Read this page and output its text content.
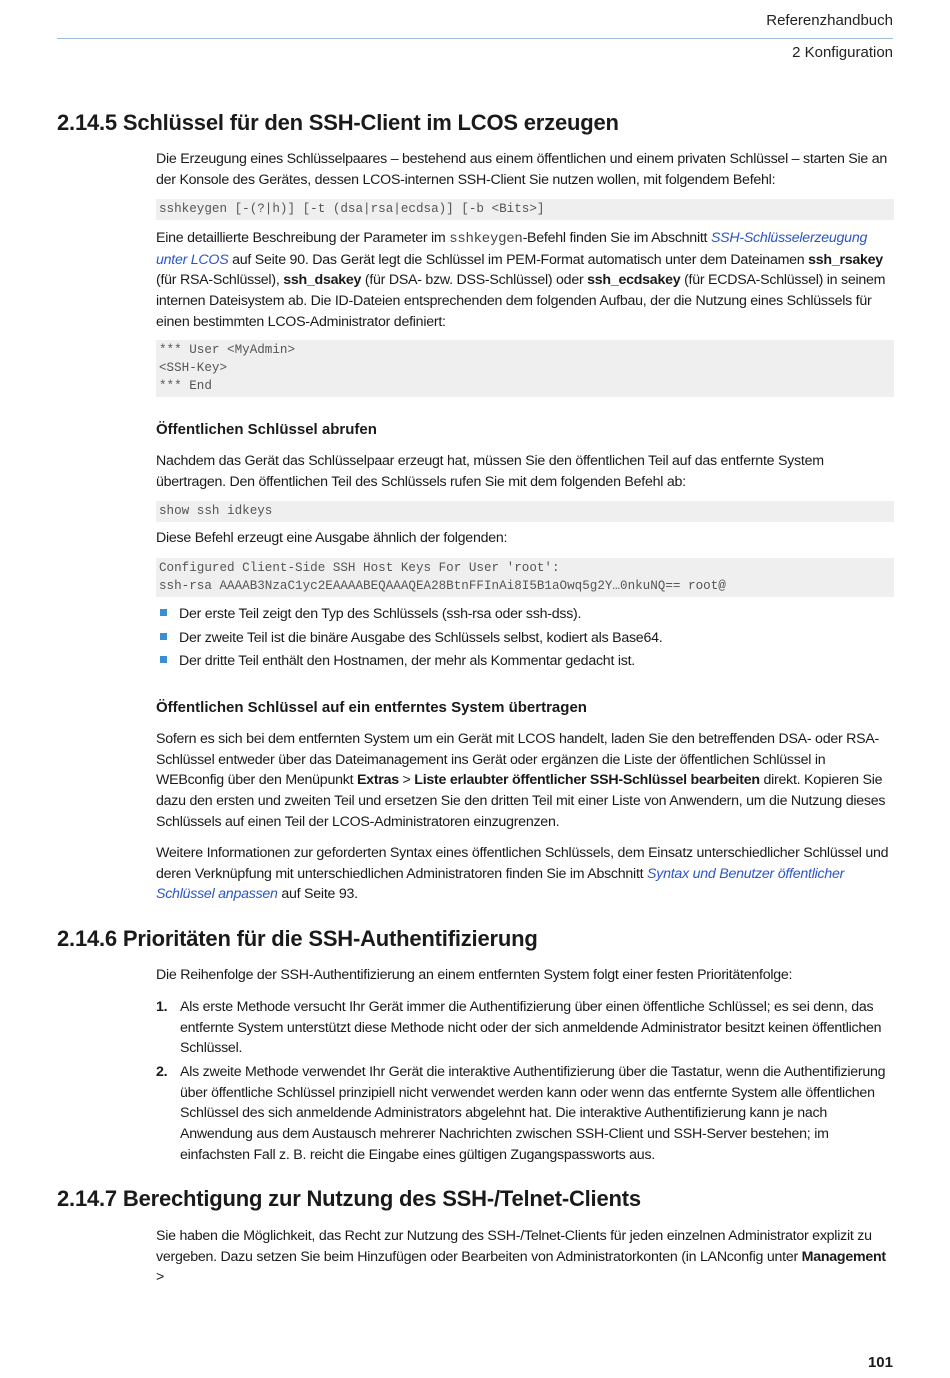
Referenzhandbuch
2 Konfiguration
2.14.5 Schlüssel für den SSH-Client im LCOS erzeugen

Die Erzeugung eines Schlüsselpaares – bestehend aus einem öffentlichen und einem privaten Schlüssel – starten Sie an der Konsole des Gerätes, dessen LCOS-internen SSH-Client Sie nutzen wollen, mit folgendem Befehl:

sshkeygen [-(?|h)] [-t (dsa|rsa|ecdsa)] [-b <Bits>]

Eine detaillierte Beschreibung der Parameter im sshkeygen-Befehl finden Sie im Abschnitt SSH-Schlüsselerzeugung unter LCOS auf Seite 90. Das Gerät legt die Schlüssel im PEM-Format automatisch unter dem Dateinamen ssh_rsakey (für RSA-Schlüssel), ssh_dsakey (für DSA- bzw. DSS-Schlüssel) oder ssh_ecdsakey (für ECDSA-Schlüssel) in seinem internen Dateisystem ab. Die ID-Dateien entsprechenden dem folgenden Aufbau, der die Nutzung eines Schlüssels für einen bestimmten LCOS-Administrator definiert:

*** User <MyAdmin>
<SSH-Key>
*** End
Öffentlichen Schlüssel abrufen

Nachdem das Gerät das Schlüsselpaar erzeugt hat, müssen Sie den öffentlichen Teil auf das entfernte System übertragen. Den öffentlichen Teil des Schlüssels rufen Sie mit dem folgenden Befehl ab:

show ssh idkeys

Diese Befehl erzeugt eine Ausgabe ähnlich der folgenden:

Configured Client-Side SSH Host Keys For User 'root':
ssh-rsa AAAAB3NzaC1yc2EAAAABEQAAAQEA28BtnFFInAi8I5B1aOwq5g2Y…0nkuNQ== root@
Der erste Teil zeigt den Typ des Schlüssels (ssh-rsa oder ssh-dss).
Der zweite Teil ist die binäre Ausgabe des Schlüssels selbst, kodiert als Base64.
Der dritte Teil enthält den Hostnamen, der mehr als Kommentar gedacht ist.
Öffentlichen Schlüssel auf ein entferntes System übertragen

Sofern es sich bei dem entfernten System um ein Gerät mit LCOS handelt, laden Sie den betreffenden DSA- oder RSA-Schlüssel entweder über das Dateimanagement ins Gerät oder ergänzen die Liste der öffentlichen Schlüssel in WEBconfig über den Menüpunkt Extras > Liste erlaubter öffentlicher SSH-Schlüssel bearbeiten direkt. Kopieren Sie dazu den ersten und zweiten Teil und ersetzen Sie den dritten Teil mit einer Liste von Anwendern, um die Nutzung dieses Schlüssels auf einen Teil der LCOS-Administratoren einzugrenzen.

Weitere Informationen zur geforderten Syntax eines öffentlichen Schlüssels, dem Einsatz unterschiedlicher Schlüssel und deren Verknüpfung mit unterschiedlichen Administratoren finden Sie im Abschnitt Syntax und Benutzer öffentlicher Schlüssel anpassen auf Seite 93.

2.14.6 Prioritäten für die SSH-Authentifizierung

Die Reihenfolge der SSH-Authentifizierung an einem entfernten System folgt einer festen Prioritätenfolge:

1. Als erste Methode versucht Ihr Gerät immer die Authentifizierung über einen öffentliche Schlüssel; es sei denn, das entfernte System unterstützt diese Methode nicht oder der sich anmeldende Administrator besitzt keinen öffentlichen Schlüssel.
2. Als zweite Methode verwendet Ihr Gerät die interaktive Authentifizierung über die Tastatur, wenn die Authentifizierung über öffentliche Schlüssel prinzipiell nicht verwendet werden kann oder wenn das entfernte System alle öffentlichen Schlüssel des sich anmeldende Administrators abgelehnt hat. Die interaktive Authentifizierung kann je nach Anwendung aus dem Austausch mehrerer Nachrichten zwischen SSH-Client und SSH-Server bestehen; im einfachsten Fall z. B. reicht die Eingabe eines gültigen Zugangspassworts aus.
2.14.7 Berechtigung zur Nutzung des SSH-/Telnet-Clients

Sie haben die Möglichkeit, das Recht zur Nutzung des SSH-/Telnet-Clients für jeden einzelnen Administrator explizit zu vergeben. Dazu setzen Sie beim Hinzufügen oder Bearbeiten von Administratorkonten (in LANconfig unter Management >

101
